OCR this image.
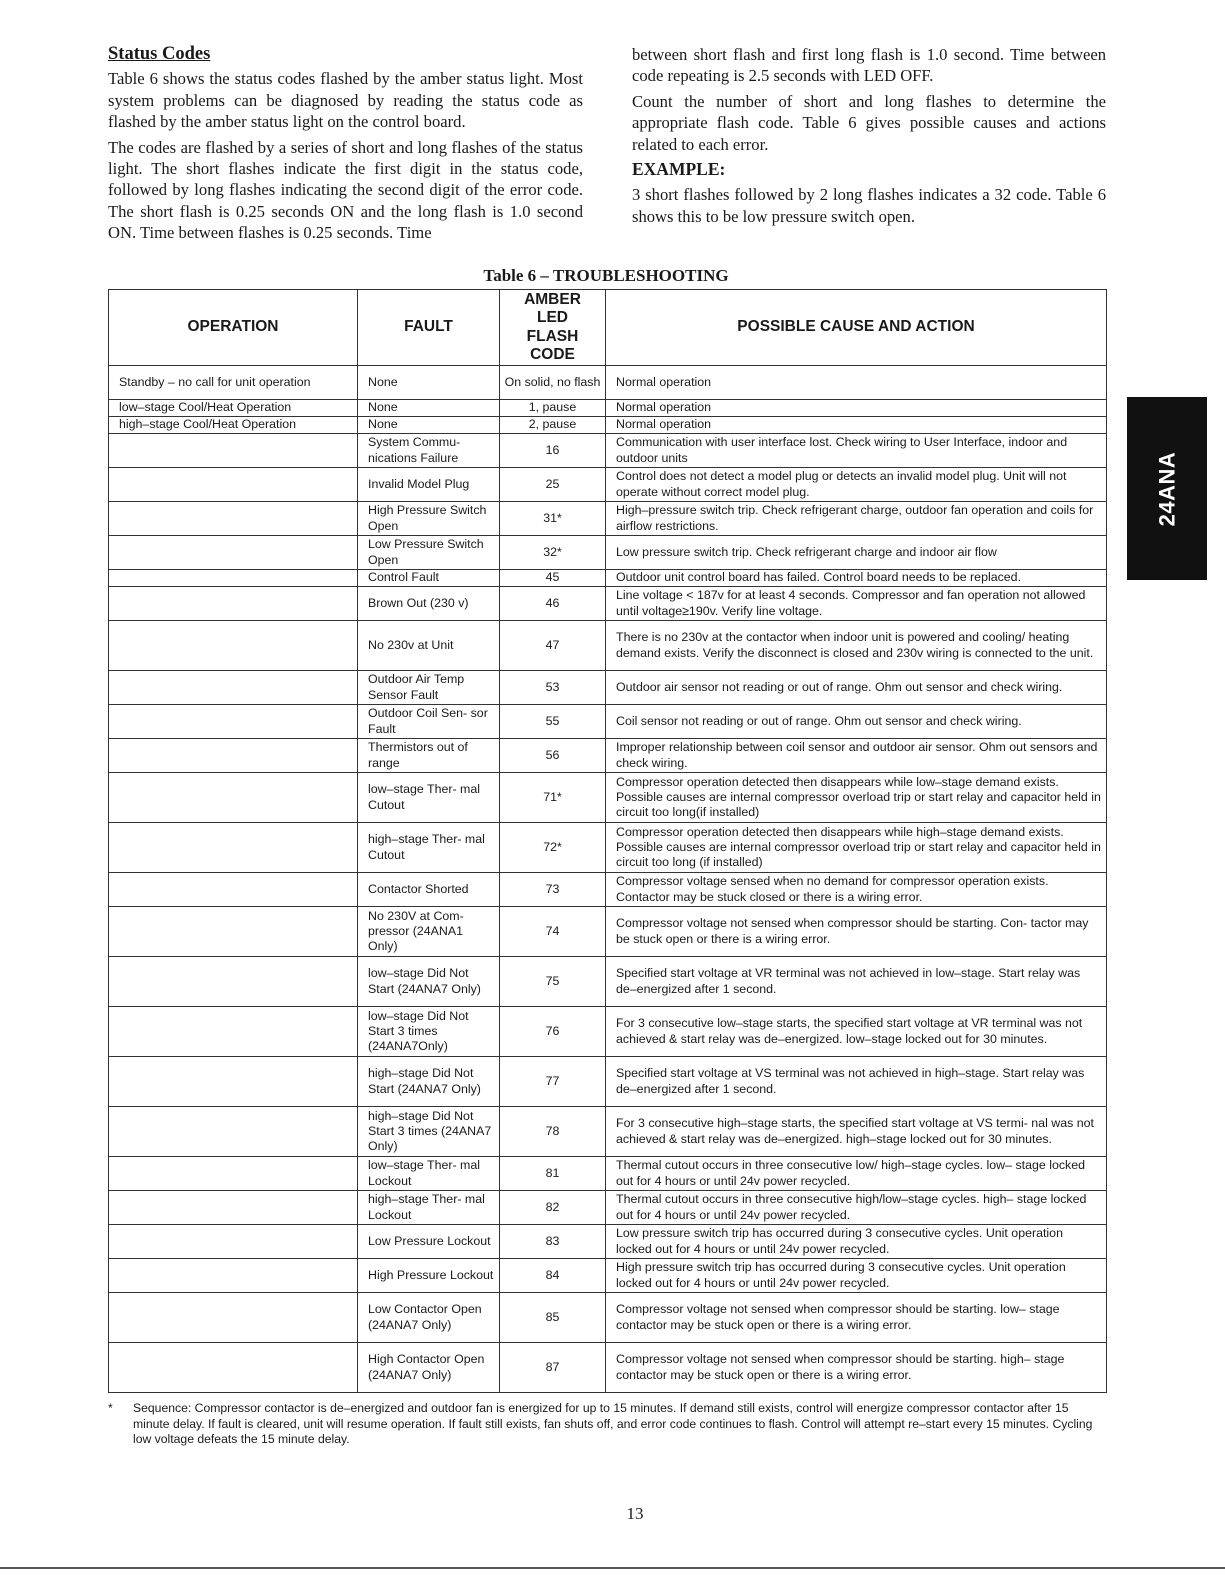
Status Codes

Table 6 shows the status codes flashed by the amber status light. Most system problems can be diagnosed by reading the status code as flashed by the amber status light on the control board.

The codes are flashed by a series of short and long flashes of the status light. The short flashes indicate the first digit in the status code, followed by long flashes indicating the second digit of the error code. The short flash is 0.25 seconds ON and the long flash is 1.0 second ON. Time between flashes is 0.25 seconds. Time

between short flash and first long flash is 1.0 second. Time between code repeating is 2.5 seconds with LED OFF.

Count the number of short and long flashes to determine the appropriate flash code. Table 6 gives possible causes and actions related to each error.

EXAMPLE:

3 short flashes followed by 2 long flashes indicates a 32 code. Table 6 shows this to be low pressure switch open.

Table 6 – TROUBLESHOOTING
OPERATION	FAULT	AMBER
LED
FLASH
CODE	POSSIBLE CAUSE AND ACTION
Standby – no call for unit operation	None	On solid, no flash	Normal operation
low–stage Cool/Heat Operation	None	1, pause	Normal operation
high–stage Cool/Heat Operation	None	2, pause	Normal operation
	System Commu- nications Failure	16	Communication with user interface lost. Check wiring to User Interface, indoor and outdoor units
	Invalid Model Plug	25	Control does not detect a model plug or detects an invalid model plug. Unit will not operate without correct model plug.
	High Pressure Switch Open	31*	High–pressure switch trip. Check refrigerant charge, outdoor fan operation and coils for airflow restrictions.
	Low Pressure Switch Open	32*	Low pressure switch trip. Check refrigerant charge and indoor air flow
	Control Fault	45	Outdoor unit control board has failed. Control board needs to be replaced.
	Brown Out (230 v)	46	Line voltage < 187v for at least 4 seconds. Compressor and fan operation not allowed until voltage≥190v. Verify line voltage.
	No 230v at Unit	47	There is no 230v at the contactor when indoor unit is powered and cooling/ heating demand exists. Verify the disconnect is closed and 230v wiring is connected to the unit.
	Outdoor Air Temp Sensor Fault	53	Outdoor air sensor not reading or out of range. Ohm out sensor and check wiring.
	Outdoor Coil Sen- sor Fault	55	Coil sensor not reading or out of range. Ohm out sensor and check wiring.
	Thermistors out of range	56	Improper relationship between coil sensor and outdoor air sensor. Ohm out sensors and check wiring.
	low–stage Ther- mal Cutout	71*	Compressor operation detected then disappears while low–stage demand exists. Possible causes are internal compressor overload trip or start relay and capacitor held in circuit too long(if installed)
	high–stage Ther- mal Cutout	72*	Compressor operation detected then disappears while high–stage demand exists. Possible causes are internal compressor overload trip or start relay and capacitor held in circuit too long (if installed)
	Contactor Shorted	73	Compressor voltage sensed when no demand for compressor operation exists. Contactor may be stuck closed or there is a wiring error.
	No 230V at Com- pressor (24ANA1 Only)	74	Compressor voltage not sensed when compressor should be starting. Con- tactor may be stuck open or there is a wiring error.
	low–stage Did Not Start (24ANA7 Only)	75	Specified start voltage at VR terminal was not achieved in low–stage. Start relay was de–energized after 1 second.
	low–stage Did Not Start 3 times (24ANA7Only)	76	For 3 consecutive low–stage starts, the specified start voltage at VR terminal was not achieved & start relay was de–energized. low–stage locked out for 30 minutes.
	high–stage Did Not Start (24ANA7 Only)	77	Specified start voltage at VS terminal was not achieved in high–stage. Start relay was de–energized after 1 second.
	high–stage Did Not Start 3 times (24ANA7 Only)	78	For 3 consecutive high–stage starts, the specified start voltage at VS termi- nal was not achieved & start relay was de–energized. high–stage locked out for 30 minutes.
	low–stage Ther- mal Lockout	81	Thermal cutout occurs in three consecutive low/ high–stage cycles. low– stage locked out for 4 hours or until 24v power recycled.
	high–stage Ther- mal Lockout	82	Thermal cutout occurs in three consecutive high/low–stage cycles. high– stage locked out for 4 hours or until 24v power recycled.
	Low Pressure Lockout	83	Low pressure switch trip has occurred during 3 consecutive cycles. Unit operation locked out for 4 hours or until 24v power recycled.
	High Pressure Lockout	84	High pressure switch trip has occurred during 3 consecutive cycles. Unit operation locked out for 4 hours or until 24v power recycled.
	Low Contactor Open (24ANA7 Only)	85	Compressor voltage not sensed when compressor should be starting. low– stage contactor may be stuck open or there is a wiring error.
	High Contactor Open (24ANA7 Only)	87	Compressor voltage not sensed when compressor should be starting. high– stage contactor may be stuck open or there is a wiring error.
* Sequence: Compressor contactor is de–energized and outdoor fan is energized for up to 15 minutes. If demand still exists, control will energize compressor contactor after 15 minute delay. If fault is cleared, unit will resume operation. If fault still exists, fan shuts off, and error code continues to flash. Control will attempt re–start every 15 minutes. Cycling low voltage defeats the 15 minute delay.
13
24ANA
